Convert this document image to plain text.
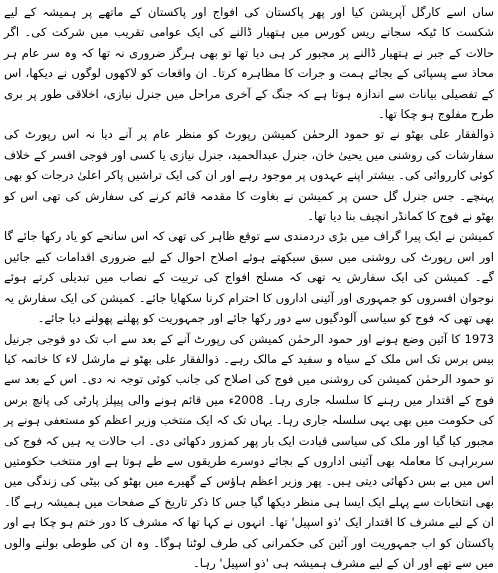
ساں اسے کارگل آپریشن کیا اور پھر پاکستان کی افواج اور پاکستان کے ماتھے پر ہمیشہ کے لیے شکست کا ٹیکہ سجانے ریس کورس میں ہتھیار ڈالنے کی ایک عوامی تقریب میں شرکت کی۔ اگر حالات کے جبر نے ہتھیار ڈالنے پر مجبور کر ہی دیا تھا تو بھی ہرگز ضروری نہ تھا کہ وہ سر عام ہر محاذ سے پسپائی کے بجائے ہمت و جرات کا مظاہرہ کرتا۔ ان واقعات کو لاکھوں لوگوں نے دیکھا، اس کے تفصیلی بیانات سے اندازہ ہوتا ہے کہ جنگ کے آخری مراحل میں جنرل نیازی، اخلاقی طور پر بری طرح مفلوج ہو چکا تھا۔

ذوالفقار علی بھٹو نے تو حمود الرحمٰن کمیشن رپورٹ کو منظر عام پر آنے دیا نہ اس رپورٹ کی سفارشات کی روشنی میں یحییٰ خان، جنرل عبدالحمید، جنرل نیازی یا کسی اور فوجی افسر کے خلاف کوئی کارروائی کی۔ بیشتر اپنے عہدوں پر موجود رہے اور ان کی ایک تراشیں پاکر اعلیٰ درجات کو بھی پہنچے۔ جس جنرل گل حسن پر کمیشن نے بغاوت کا مقدمہ قائم کرنے کی سفارش کی تھی اس کو بھٹو نے فوج کا کمانڈر انچیف بنا دیا تھا۔

کمیشن نے ایک پیرا گراف میں بڑی دردمندی سے توقع ظاہر کی تھی کہ اس سانحے کو یاد رکھا جائے گا اور اس رپورٹ کی روشنی میں سبق سیکھتے ہوئے اصلاح احوال کے لیے ضروری اقدامات کیے جائیں گے۔ کمیشن کی ایک سفارش یہ تھی کہ مسلح افواج کی تربیت کے نصاب میں تبدیلی کرتے ہوئے نوجوان افسروں کو جمہوری اور آئینی اداروں کا احترام کرنا سکھایا جائے۔ کمیشن کی ایک سفارش یہ بھی تھی کہ فوج کو سیاسی آلودگیوں سے دور رکھا جائے اور جمہوریت کو پھلنے پھولنے دیا جائے۔

1973 کا آئین وضع ہونے اور حمود الرحمٰن کمیشن کی رپورٹ آنے کے بعد سے اب تک دو فوجی جرنیل بیس برس تک اس ملک کے سیاہ و سفید کے مالک رہے۔ ذوالفقار علی بھٹو نے مارشل لاء کا خاتمہ کیا تو حمود الرحمٰن کمیشن کی روشنی میں فوج کی اصلاح کی جانب کوئی توجہ نہ دی۔ اس کے بعد سے فوج کے اقتدار میں رہنے کا سلسلہ جاری رہا۔ 2008ء میں قائم ہونے والی پیپلز پارٹی کی پانچ برس کی حکومت میں بھی یہی سلسلہ جاری رہا۔ یہاں تک کہ ایک منتخب وزیر اعظم کو مستعفی ہونے پر مجبور کیا گیا اور ملک کی سیاسی قیادت ایک بار پھر کمزور دکھائی دی۔ اب حالات یہ ہیں کہ فوج کی سربراہی کا معاملہ بھی آئینی اداروں کے بجائے دوسرے طریقوں سے طے ہوتا ہے اور منتخب حکومتیں اس میں بے بس دکھائی دیتی ہیں۔ پھر وزیر اعظم ہاؤس کے گھیرے میں بھٹو کی بیٹی کی زندگی میں بھی انتخابات سے پہلے ایک ایسا ہی منظر دیکھا گیا جس کا ذکر تاریخ کے صفحات میں ہمیشہ رہے گا۔ ان کے لیے مشرف کا اقتدار ایک 'ذو اسپیل' تھا۔ انہوں نے کہا تھا کہ مشرف کا دور ختم ہو چکا ہے اور پاکستان کو اب جمہوریت اور آئین کی حکمرانی کی طرف لوٹنا ہوگا۔ وہ ان کی طوطی بولنے والوں میں سے تھے اور ان کے لیے مشرف ہمیشہ ہی 'ذو اسپیل' رہا۔
